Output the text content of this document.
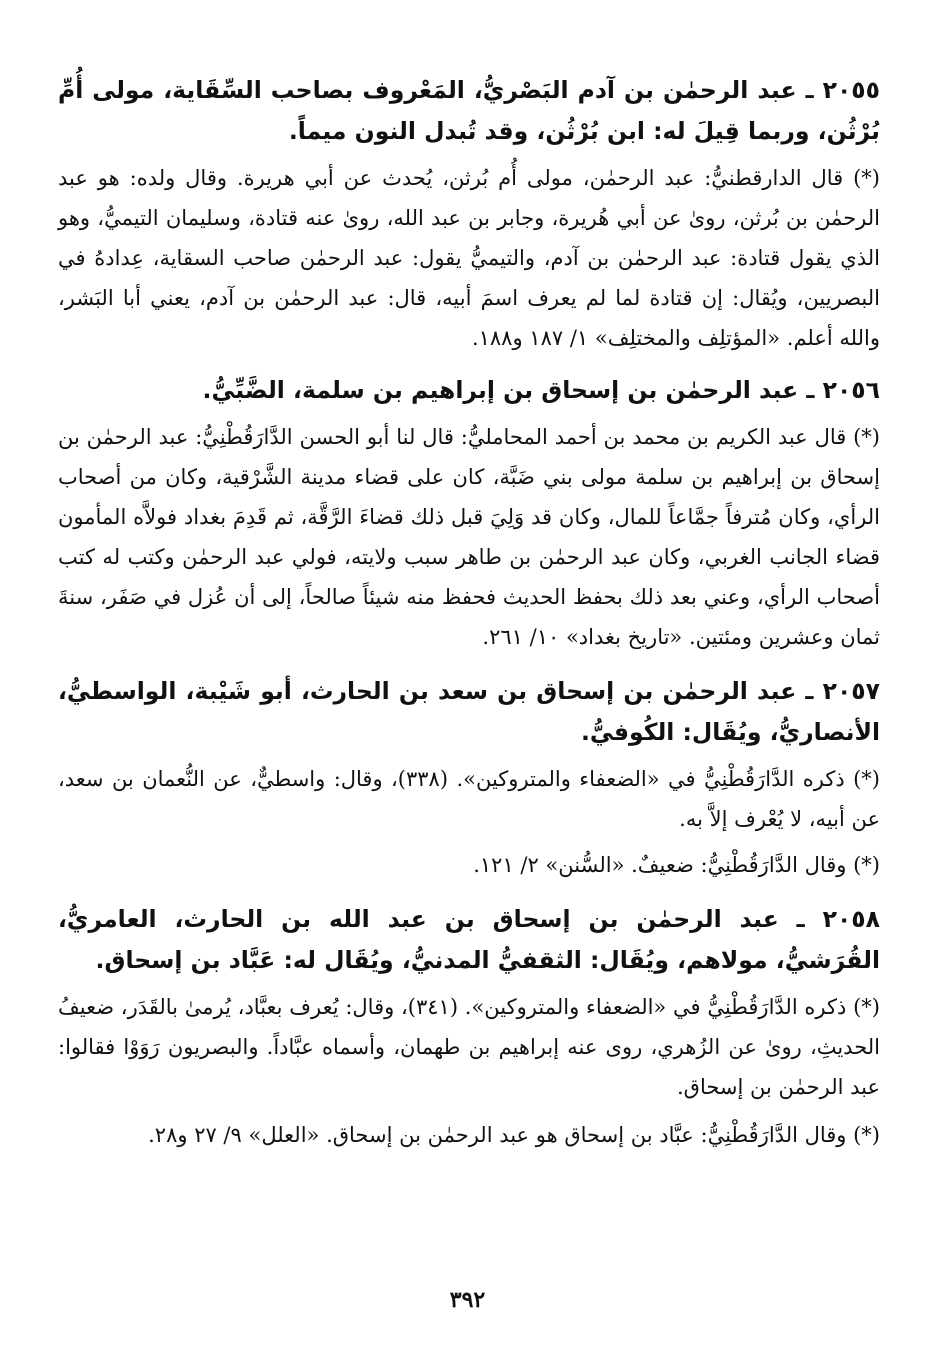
٢٠٥٥ ـ عبد الرحمٰن بن آدم البَصْريُّ، المَعْروف بصاحب السِّقَاية، مولى أُمِّ بُرْثُن، وربما قِيلَ له: ابن بُرْثُن، وقد تُبدل النون ميماً.

(*) قال الدارقطنيُّ: عبد الرحمٰن، مولى أُم بُرثن، يُحدث عن أبي هريرة. وقال ولده: هو عبد الرحمٰن بن بُرثن، روىٰ عن أبي هُريرة، وجابر بن عبد الله، روىٰ عنه قتادة، وسليمان التيميُّ، وهو الذي يقول قتادة: عبد الرحمٰن بن آدم، والتيميُّ يقول: عبد الرحمٰن صاحب السقاية، عِدادهُ في البصريين، ويُقال: إن قتادة لما لم يعرف اسمَ أبيه، قال: عبد الرحمٰن بن آدم، يعني أبا البَشر، والله أعلم. «المؤتلِف والمختلِف» ١/ ١٨٧ و١٨٨.

٢٠٥٦ ـ عبد الرحمٰن بن إسحاق بن إبراهيم بن سلمة، الضَّبِّيُّ.

(*) قال عبد الكريم بن محمد بن أحمد المحامليُّ: قال لنا أبو الحسن الدَّارَقُطْنِيُّ: عبد الرحمٰن بن إسحاق بن إبراهيم بن سلمة مولى بني ضَبَّة، كان على قضاء مدينة الشَّرْقية، وكان من أصحاب الرأي، وكان مُترفاً جمَّاعاً للمال، وكان قد وَلِيَ قبل ذلك قضاءَ الرَّقَّة، ثم قَدِمَ بغداد فولاَّه المأمون قضاء الجانب الغربي، وكان عبد الرحمٰن بن طاهر سبب ولايته، فولي عبد الرحمٰن وكتب له كتب أصحاب الرأي، وعني بعد ذلك بحفظ الحديث فحفظ منه شيئاً صالحاً، إلى أن عُزل في صَفَر، سنةَ ثمان وعشرين ومئتين. «تاريخ بغداد» ١٠/ ٢٦١.

٢٠٥٧ ـ عبد الرحمٰن بن إسحاق بن سعد بن الحارث، أبو شَيْبة، الواسطيُّ، الأنصاريُّ، ويُقَال: الكُوفيُّ.

(*) ذكره الدَّارَقُطْنِيُّ في «الضعفاء والمتروكين». (٣٣٨)، وقال: واسطيٌّ، عن النُّعمان بن سعد، عن أبيه، لا يُعْرف إلاَّ به.

(*) وقال الدَّارَقُطْنِيُّ: ضعيفٌ. «السُّنن» ٢/ ١٢١.

٢٠٥٨ ـ عبد الرحمٰن بن إسحاق بن عبد الله بن الحارث، العامريُّ، القُرَشيُّ، مولاهم، ويُقَال: الثقفيُّ المدنيُّ، ويُقَال له: عَبَّاد بن إسحاق.

(*) ذكره الدَّارَقُطْنِيُّ في «الضعفاء والمتروكين». (٣٤١)، وقال: يُعرف بعبَّاد، يُرمىٰ بالقَدَر، ضعيفُ الحديثِ، روىٰ عن الزُهري، روى عنه إبراهيم بن طهمان، وأسماه عبَّاداً. والبصريون رَوَوْا فقالوا: عبد الرحمٰن بن إسحاق.

(*) وقال الدَّارَقُطْنِيُّ: عبَّاد بن إسحاق هو عبد الرحمٰن بن إسحاق. «العلل» ٩/ ٢٧ و٢٨.

٣٩٢
